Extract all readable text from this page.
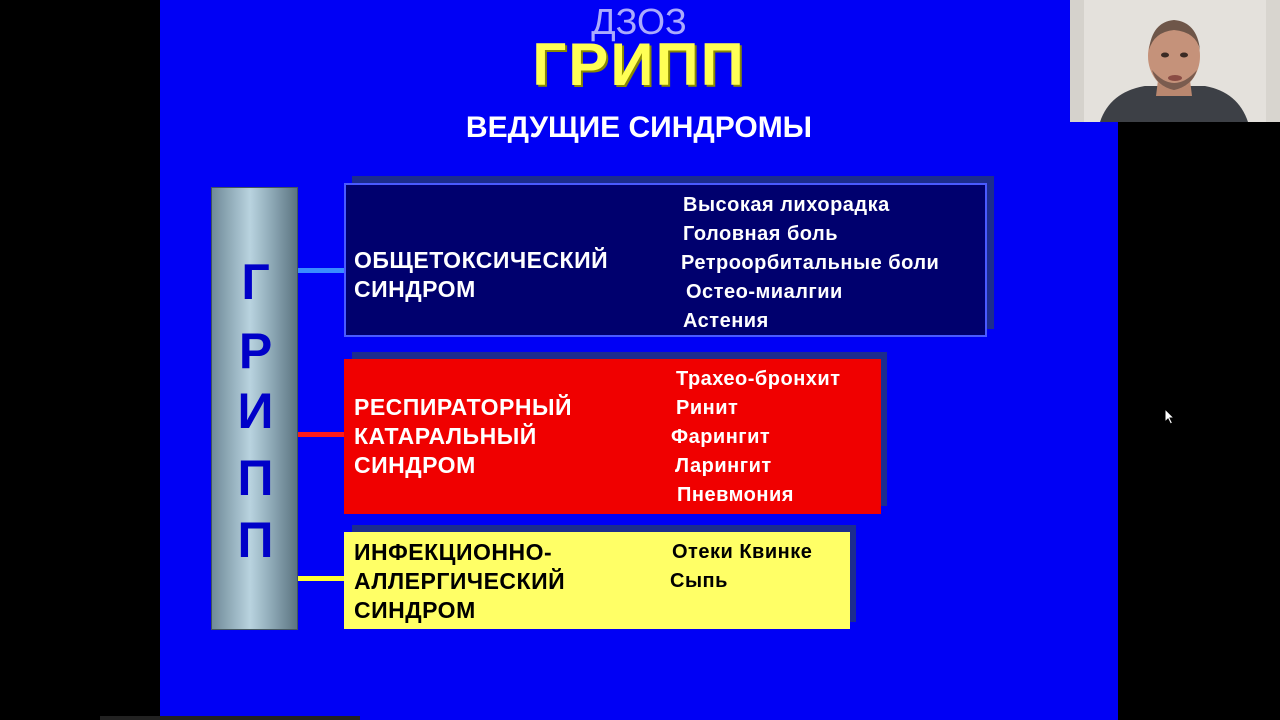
ДЗОЗ
ГРИПП
ВЕДУЩИЕ СИНДРОМЫ
Г
Р
И
П
П
ОБЩЕТОКСИЧЕСКИЙ
СИНДРОМ
Высокая лихорадка
Головная боль
Ретроорбитальные боли
Остео-миалгии
Астения
РЕСПИРАТОРНЫЙ
КАТАРАЛЬНЫЙ
СИНДРОМ
Трахео-бронхит
Ринит
Фарингит
Ларингит
Пневмония
ИНФЕКЦИОННО-
АЛЛЕРГИЧЕСКИЙ
СИНДРОМ
Отеки Квинке
Сыпь
